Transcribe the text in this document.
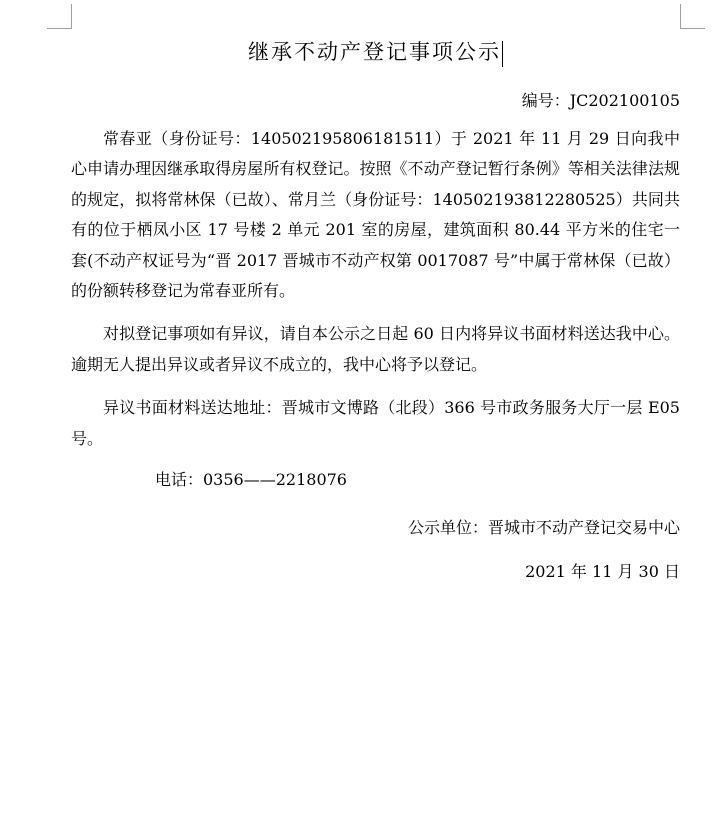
继承不动产登记事项公示
编号：JC202100105

常春亚（身份证号：140502195806181511）于 2021 年 11 月 29 日向我中心申请办理因继承取得房屋所有权登记。按照《不动产登记暂行条例》等相关法律法规的规定，拟将常林保（已故）、常月兰（身份证号：140502193812280525）共同共有的位于栖凤小区 17 号楼 2 单元 201 室的房屋，建筑面积 80.44 平方米的住宅一套(不动产权证号为“晋 2017 晋城市不动产权第 0017087 号”中属于常林保（已故）的份额转移登记为常春亚所有。

对拟登记事项如有异议，请自本公示之日起 60 日内将异议书面材料送达我中心。逾期无人提出异议或者异议不成立的，我中心将予以登记。

异议书面材料送达地址：晋城市文博路（北段）366 号市政务服务大厅一层 E05 号。

电话：0356——2218076
公示单位：晋城市不动产登记交易中心
2021 年 11 月 30 日
